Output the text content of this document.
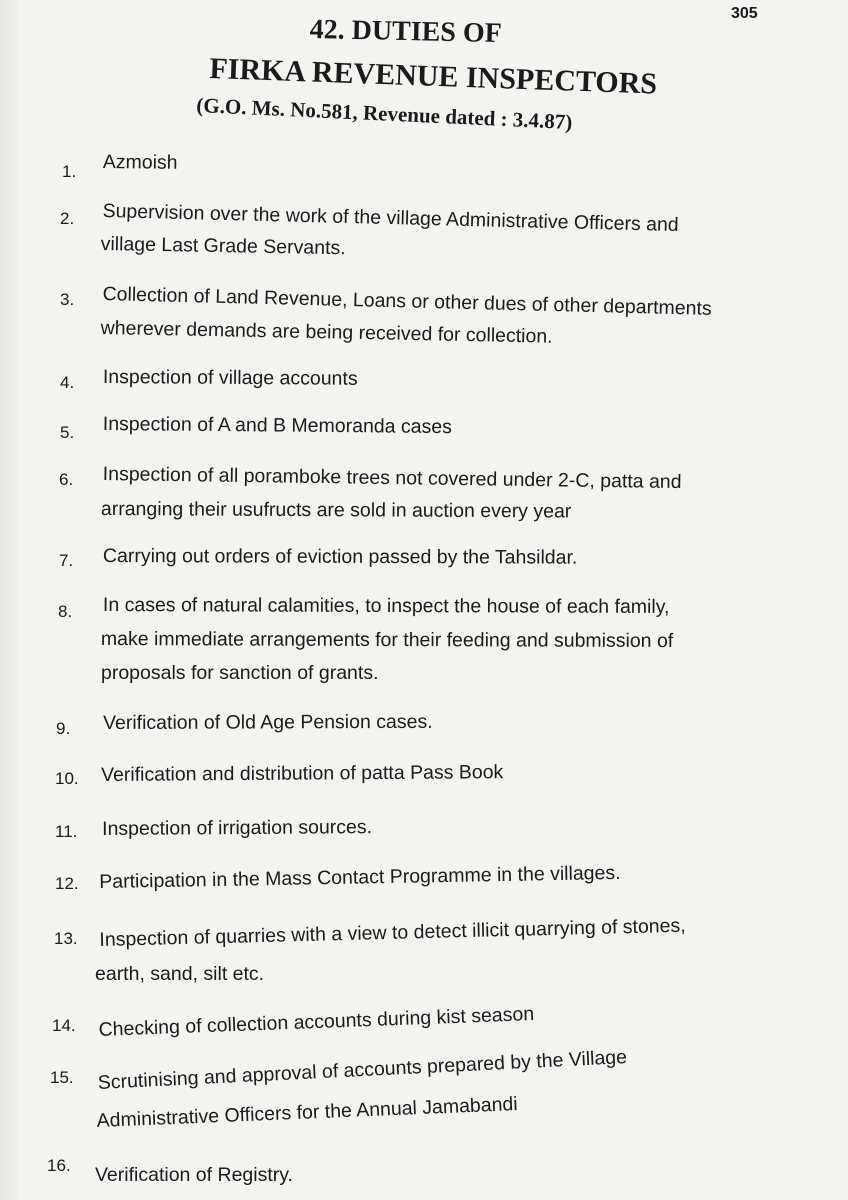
305
42. DUTIES OF
FIRKA REVENUE INSPECTORS
(G.O. Ms. No.581, Revenue dated : 3.4.87)
1. Azmoish
2. Supervision over the work of the village Administrative Officers and
village Last Grade Servants.
3. Collection of Land Revenue, Loans or other dues of other departments
wherever demands are being received for collection.
4. Inspection of village accounts
5. Inspection of A and B Memoranda cases
6. Inspection of all poramboke trees not covered under 2-C, patta and
arranging their usufructs are sold in auction every year
7. Carrying out orders of eviction passed by the Tahsildar.
8. In cases of natural calamities, to inspect the house of each family,
make immediate arrangements for their feeding and submission of
proposals for sanction of grants.
9. Verification of Old Age Pension cases.
10. Verification and distribution of patta Pass Book
11. Inspection of irrigation sources.
12. Participation in the Mass Contact Programme in the villages.
13. Inspection of quarries with a view to detect illicit quarrying of stones,
earth, sand, silt etc.
14. Checking of collection accounts during kist season
15. Scrutinising and approval of accounts prepared by the Village
Administrative Officers for the Annual Jamabandi
16. Verification of Registry.
